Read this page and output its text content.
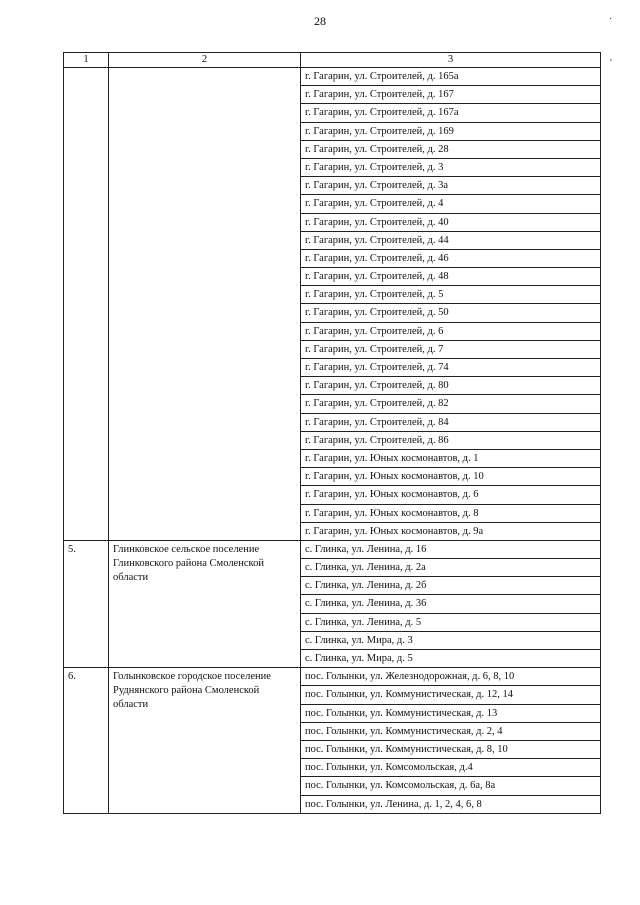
28	·
'
1	2	3
		г. Гагарин, ул. Строителей, д. 165а
		г. Гагарин, ул. Строителей, д. 167
		г. Гагарин, ул. Строителей, д. 167а
		г. Гагарин, ул. Строителей, д. 169
		г. Гагарин, ул. Строителей, д. 28
		г. Гагарин, ул. Строителей, д. 3
		г. Гагарин, ул. Строителей, д. 3а
		г. Гагарин, ул. Строителей, д. 4
		г. Гагарин, ул. Строителей, д. 40
		г. Гагарин, ул. Строителей, д. 44
		г. Гагарин, ул. Строителей, д. 46
		г. Гагарин, ул. Строителей, д. 48
		г. Гагарин, ул. Строителей, д. 5
		г. Гагарин, ул. Строителей, д. 50
		г. Гагарин, ул. Строителей, д. 6
		г. Гагарин, ул. Строителей, д. 7
		г. Гагарин, ул. Строителей, д. 74
		г. Гагарин, ул. Строителей, д. 80
		г. Гагарин, ул. Строителей, д. 82
		г. Гагарин, ул. Строителей, д. 84
		г. Гагарин, ул. Строителей, д. 86
		г. Гагарин, ул. Юных космонавтов, д. 1
		г. Гагарин, ул. Юных космонавтов, д. 10
		г. Гагарин, ул. Юных космонавтов, д. 6
		г. Гагарин, ул. Юных космонавтов, д. 8
		г. Гагарин, ул. Юных космонавтов, д. 9а
5.	Глинковское сельское поселение Глинковского района Смоленской области	с. Глинка, ул. Ленина, д. 16
		с. Глинка, ул. Ленина, д. 2а
		с. Глинка, ул. Ленина, д. 2б
		с. Глинка, ул. Ленина, д. 36
		с. Глинка, ул. Ленина, д. 5
		с. Глинка, ул. Мира, д. 3
		с. Глинка, ул. Мира, д. 5
6.	Голынковское городское поселение Руднянского района Смоленской области	пос. Голынки, ул. Железнодорожная, д. 6, 8, 10
		пос. Голынки, ул. Коммунистическая, д. 12, 14
		пос. Голынки, ул. Коммунистическая, д. 13
		пос. Голынки, ул. Коммунистическая, д. 2, 4
		пос. Голынки, ул. Коммунистическая, д. 8, 10
		пос. Голынки, ул. Комсомольская, д.4
		пос. Голынки, ул. Комсомольская, д. 6а, 8а
		пос. Голынки, ул. Ленина, д. 1, 2, 4, 6, 8
